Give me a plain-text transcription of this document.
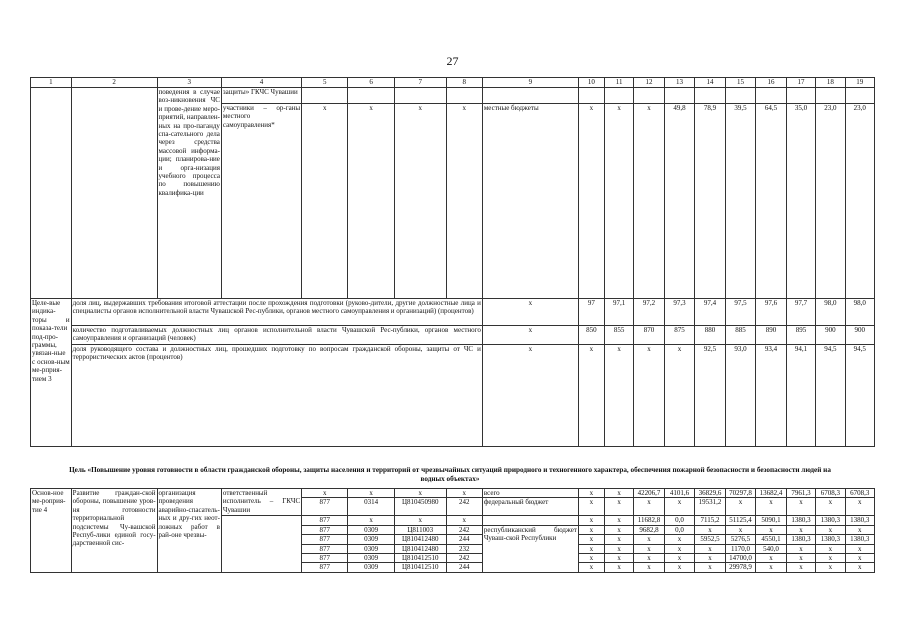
27
1	2	3	4	5	6	7	8	9	10	11	12	13	14	15	16	17	18	19
		поведения в случае воз-никновения ЧС и прове-дение меро-приятий, направлен-ных на про-паганду спа-сательного дела через средства массовой информа-ции; планирова-ние и орга-низация учебного процесса по повышению квалифика-ции	защиты» ГКЧС Чувашии															
			участники – ор-ганы местного самоуправления*	х	х	х	х	местные бюджеты	х	х	х	49,8	78,9	39,5	64,5	35,0	23,0	23,0
Целе-вые индика-торы и показа-тели под-про-граммы, увязан-ные с основ-ным ме-рприя-тием 3	доля лиц, выдержавших требования итоговой аттестации после прохождения подготовки (руково-дители, другие должностные лица и специалисты органов исполнительной власти Чувашской Рес-публики, органов местного самоуправления и организаций) (процентов)							х	97	97,1	97,2	97,3	97,4	97,5	97,6	97,7	98,0	98,0
	количество подготавливаемых должностных лиц органов исполнительной власти Чувашской Рес-публики, органов местного самоуправления и организаций (человек)							х	850	855	870	875	880	885	890	895	900	900
	доля руководящего состава и должностных лиц, прошедших подготовку по вопросам гражданской обороны, защиты от ЧС и террористических актов (процентов)							х	х	х	х	х	92,5	93,0	93,4	94,1	94,5	94,5
Цель «Повышение уровня готовности в области гражданской обороны, защиты населения и территорий от чрезвычайных ситуаций природного и техногенного характера, обеспечения пожарной безопасности и безопасности людей на водных объектах»
Основ-ное ме-роприя-тие 4	Развитие граждан-ской обороны, повышение уров-ня готовности территориальной подсистемы Чу-вашской Респуб-лики единой госу-дарственной сис-	организация проведения аварийно-спасатель-ных и дру-гих неот-ложных работ в рай-оне чрезвы-	ответственный исполнитель – ГКЧС Чувашии	х	х	х	х	всего	х	х	42206,7	4101,6	36829,6	70297,8	13682,4	7961,3	6708,3	6708,3
				877	0314	Ц810450980	242	федеральный бюджет	х	х	х	х	19531,2	х	х	х	х	х
				877	х	х	х		х	х	11682,8	0,0	7115,2	51125,4	5090,1	1380,3	1380,3	1380,3
				877	0309	Ц811003	242	республиканский бюджет Чуваш-ской Республики	х	х	9682,8	0,0	х	х	х	х	х	х
				877	0309	Ц810412480	244		х	х	х	х	5952,5	5276,5	4550,1	1380,3	1380,3	1380,3
				877	0309	Ц810412480	232		х	х	х	х	х	1170,0	540,0	х	х	х
				877	0309	Ц810412510	242		х	х	х	х	х	14700,0	х	х	х	х
				877	0309	Ц810412510	244		х	х	х	х	х	29978,9	х	х	х	х
